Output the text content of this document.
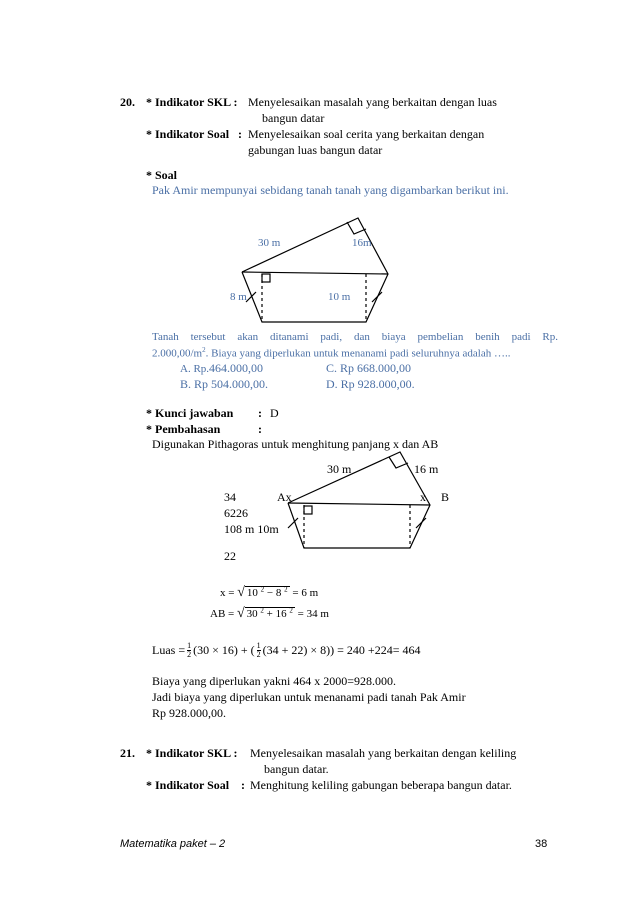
20. * Indikator SKL : Menyelesaikan masalah yang berkaitan dengan luas
bangun datar
* Indikator Soal : Menyelesaikan soal cerita yang berkaitan dengan
gabungan luas bangun datar
* Soal
Pak Amir mempunyai sebidang tanah tanah yang digambarkan berikut ini.
30 m	16m
8 m	10 m
Tanah tersebut akan ditanami padi, dan biaya pembelian benih padi Rp.
$2.000,00/m^2$. Biaya yang diperlukan untuk menanami padi seluruhnya adalah …..
A. Rp.464.000,00
B. Rp 504.000,00.
C. Rp 668.000,00
D. Rp 928.000,00.
* Kunci jawaban : D
* Pembahasan	:
Digunakan Pithagoras untuk menghitung panjang x dan AB
30 m	16 m
34	Ax	x B
6226
108 m 10m
22
x = √ 10 $^2$ − 8 $^2$ = 6 m
AB = √ 30 $^2$ + 16 $^2$ = 34 m
Luas = $\frac{1}{2} (30 \times 16)$ + ( $\frac{1}{2} (34 + 22) \times 8)) = 240 +224= 464$
Biaya yang diperlukan yakni 464 x 2000=928.000.
Jadi biaya yang diperlukan untuk menanami padi tanah Pak Amir
Rp 928.000,00.
21. * Indikator SKL : Menyelesaikan masalah yang berkaitan dengan keliling
bangun datar.
* Indikator Soal : Menghitung keliling gabungan beberapa bangun datar.
Matematika paket – 2	38
